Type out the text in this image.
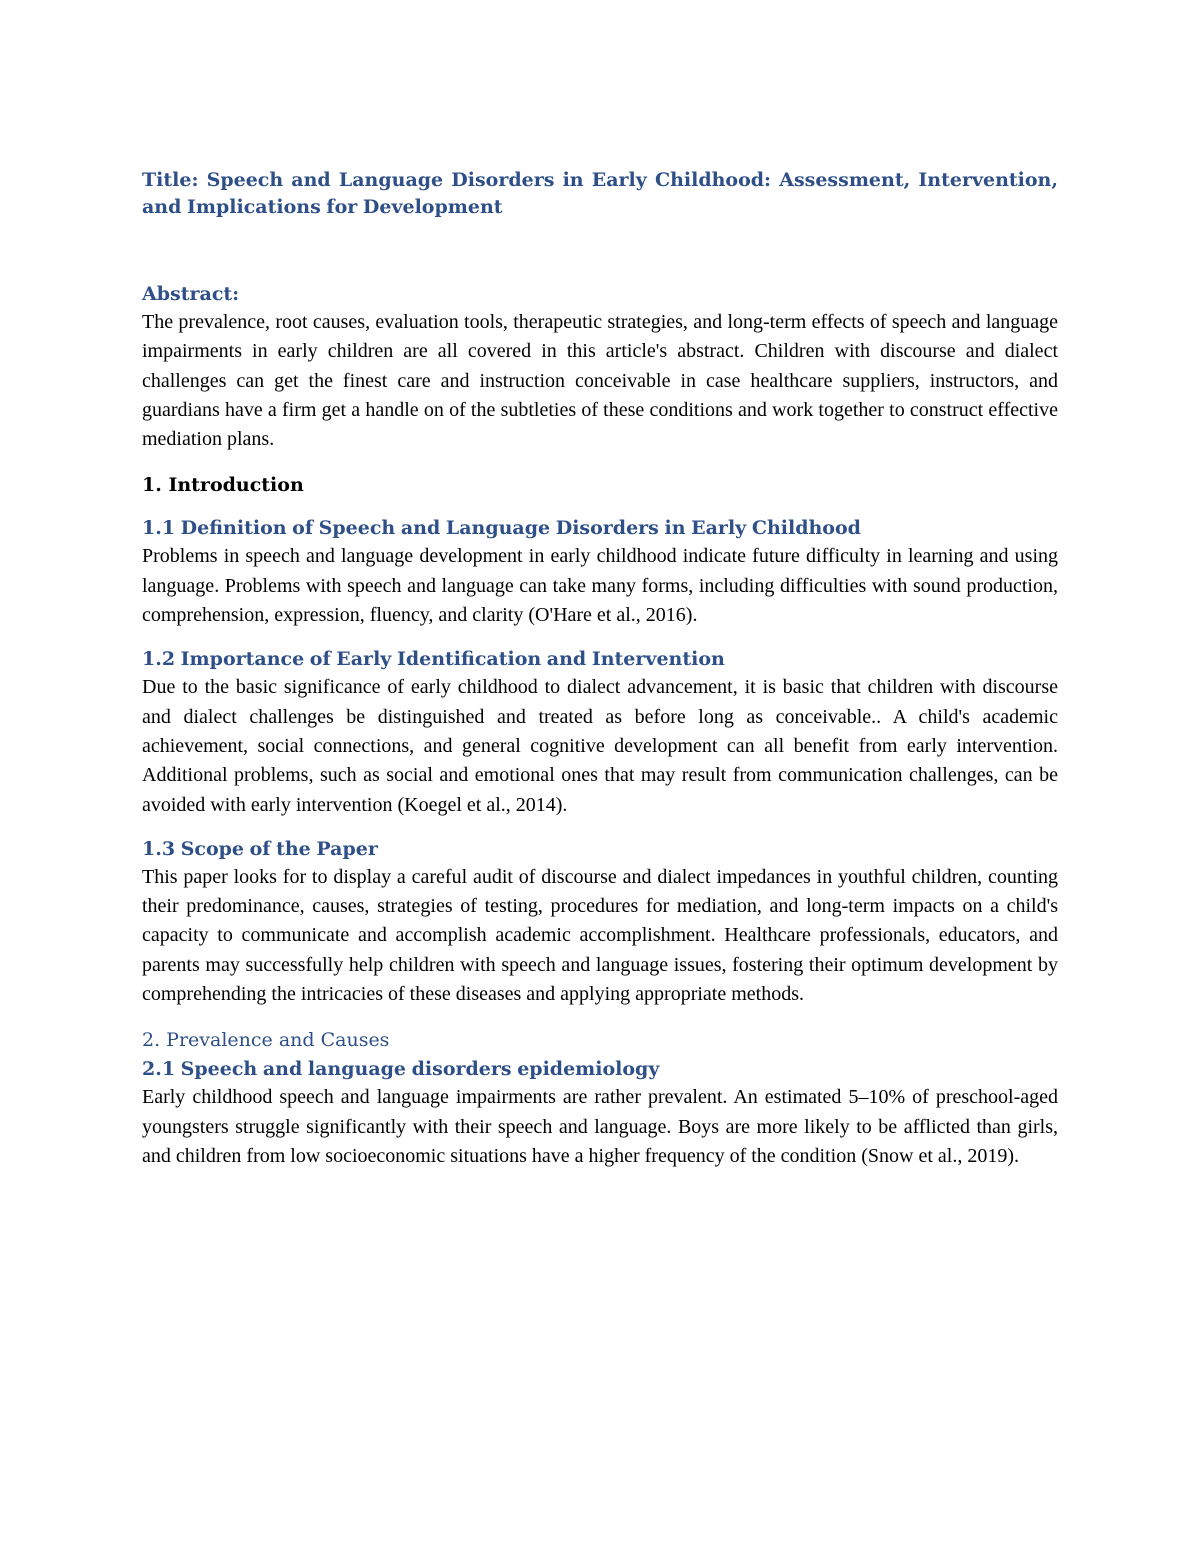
Title: Speech and Language Disorders in Early Childhood: Assessment, Intervention, and Implications for Development

Abstract:

The prevalence, root causes, evaluation tools, therapeutic strategies, and long-term effects of speech and language impairments in early children are all covered in this article's abstract. Children with discourse and dialect challenges can get the finest care and instruction conceivable in case healthcare suppliers, instructors, and guardians have a firm get a handle on of the subtleties of these conditions and work together to construct effective mediation plans.

1. Introduction

1.1 Definition of Speech and Language Disorders in Early Childhood

Problems in speech and language development in early childhood indicate future difficulty in learning and using language. Problems with speech and language can take many forms, including difficulties with sound production, comprehension, expression, fluency, and clarity (O'Hare et al., 2016).

1.2 Importance of Early Identification and Intervention

Due to the basic significance of early childhood to dialect advancement, it is basic that children with discourse and dialect challenges be distinguished and treated as before long as conceivable.. A child's academic achievement, social connections, and general cognitive development can all benefit from early intervention. Additional problems, such as social and emotional ones that may result from communication challenges, can be avoided with early intervention (Koegel et al., 2014).

1.3 Scope of the Paper

This paper looks for to display a careful audit of discourse and dialect impedances in youthful children, counting their predominance, causes, strategies of testing, procedures for mediation, and long-term impacts on a child's capacity to communicate and accomplish academic accomplishment. Healthcare professionals, educators, and parents may successfully help children with speech and language issues, fostering their optimum development by comprehending the intricacies of these diseases and applying appropriate methods.

2. Prevalence and Causes

2.1 Speech and language disorders epidemiology

Early childhood speech and language impairments are rather prevalent. An estimated 5–10% of preschool-aged youngsters struggle significantly with their speech and language. Boys are more likely to be afflicted than girls, and children from low socioeconomic situations have a higher frequency of the condition (Snow et al., 2019).
